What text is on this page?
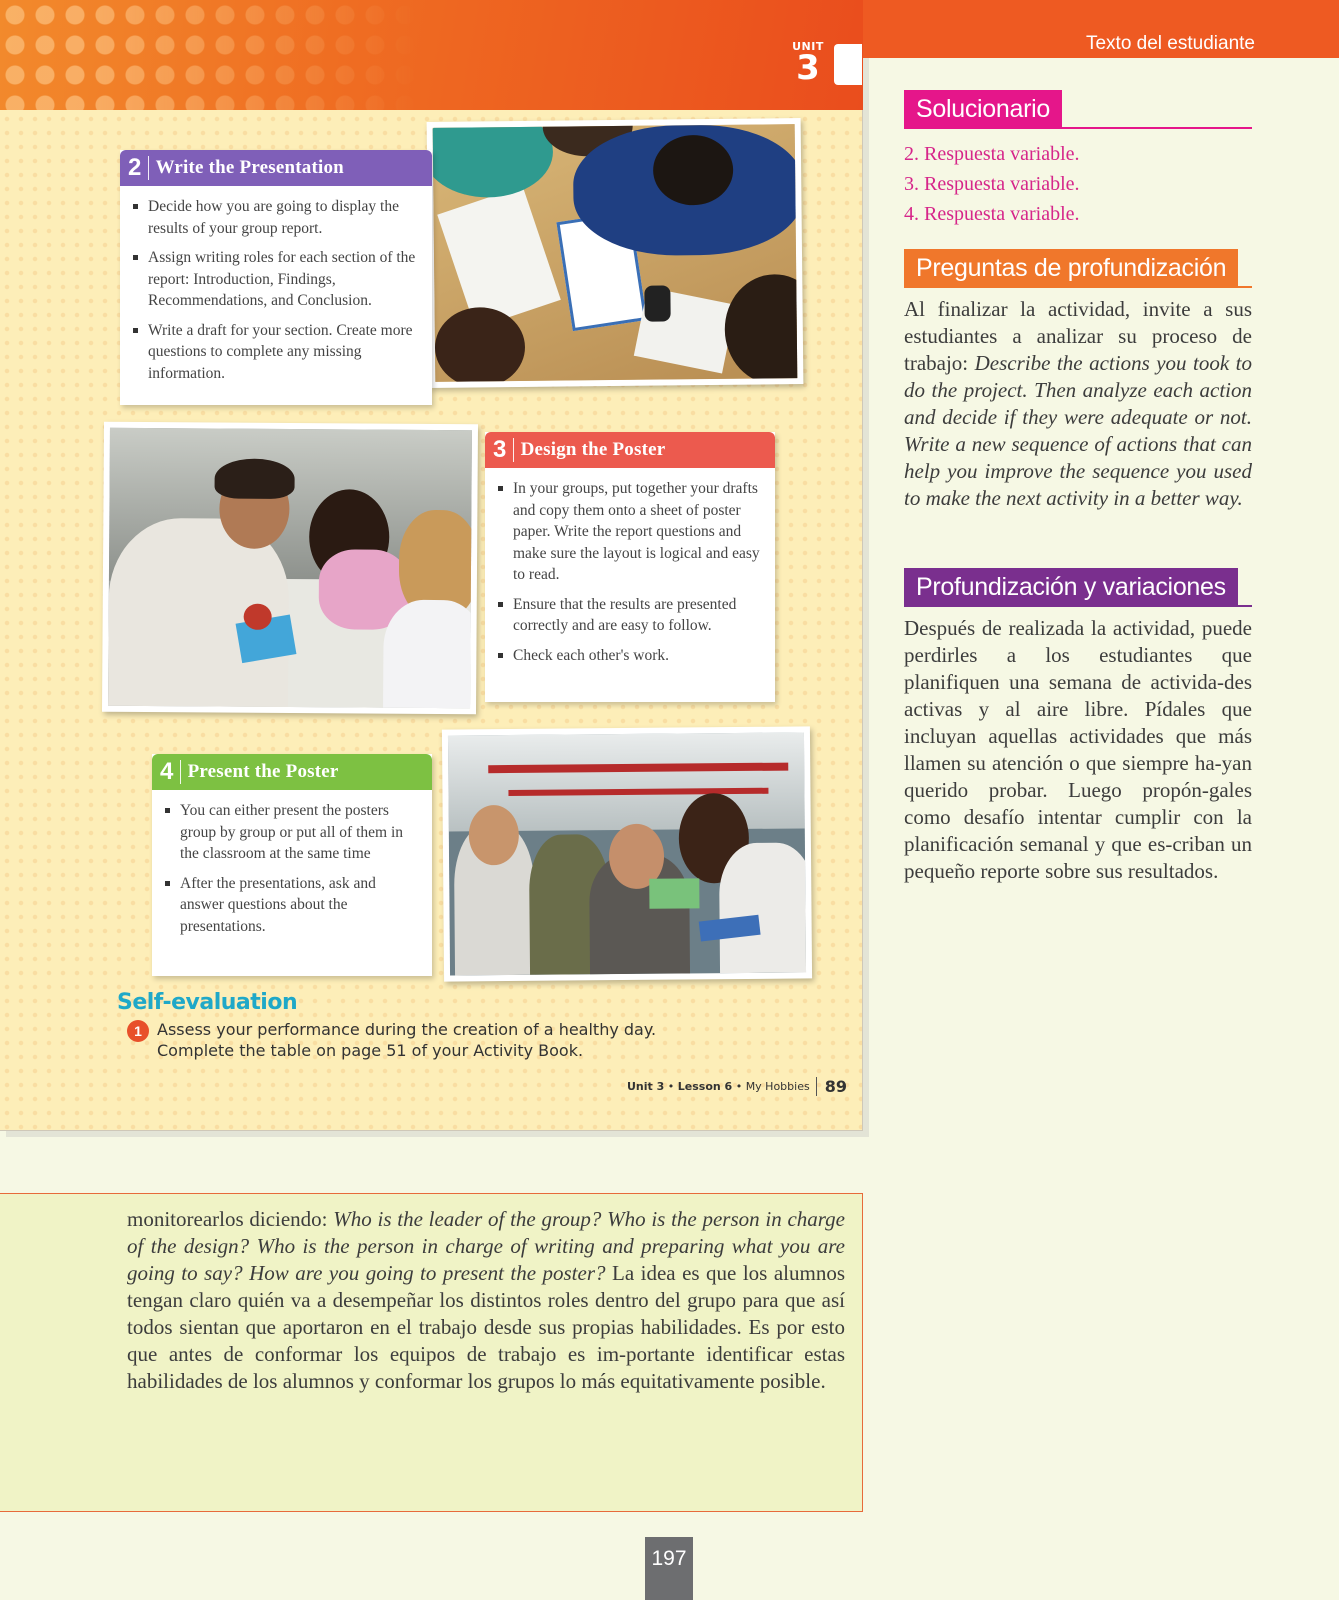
UNIT
3
2 Write the Presentation
Decide how you are going to display the results of your group report.
Assign writing roles for each section of the report: Introduction, Findings, Recommendations, and Conclusion.
Write a draft for your section. Create more questions to complete any missing information.
3 Design the Poster
In your groups, put together your drafts and copy them onto a sheet of poster paper. Write the report questions and make sure the layout is logical and easy to read.
Ensure that the results are presented correctly and are easy to follow.
Check each other's work.
4 Present the Poster
You can either present the posters group by group or put all of them in the classroom at the same time
After the presentations, ask and answer questions about the presentations.
Self-evaluation
1 Assess your performance during the creation of a healthy day.
Complete the table on page 51 of your Activity Book.
Unit 3 • Lesson 6 • My Hobbies 89
Texto del estudiante
Solucionario
2. Respuesta variable.
3. Respuesta variable.
4. Respuesta variable.
Preguntas de profundización

Al finalizar la actividad, invite a sus estudiantes a analizar su proceso de trabajo: Describe the actions you took to do the project. Then analyze each action and decide if they were adequate or not. Write a new sequence of actions that can help you improve the sequence you used to make the next activity in a better way.

Profundización y variaciones

Después de realizada la actividad, puede perdirles a los estudiantes que planifiquen una semana de activida-des activas y al aire libre. Pídales que incluyan aquellas actividades que más llamen su atención o que siempre ha-yan querido probar. Luego propón-gales como desafío intentar cumplir con la planificación semanal y que es-criban un pequeño reporte sobre sus resultados.

monitorearlos diciendo: Who is the leader of the group? Who is the person in charge of the design? Who is the person in charge of writing and preparing what you are going to say? How are you going to present the poster? La idea es que los alumnos tengan claro quién va a desempeñar los distintos roles dentro del grupo para que así todos sientan que aportaron en el trabajo desde sus propias habilidades. Es por esto que antes de conformar los equipos de trabajo es im-portante identificar estas habilidades de los alumnos y conformar los grupos lo más equitativamente posible.

197
